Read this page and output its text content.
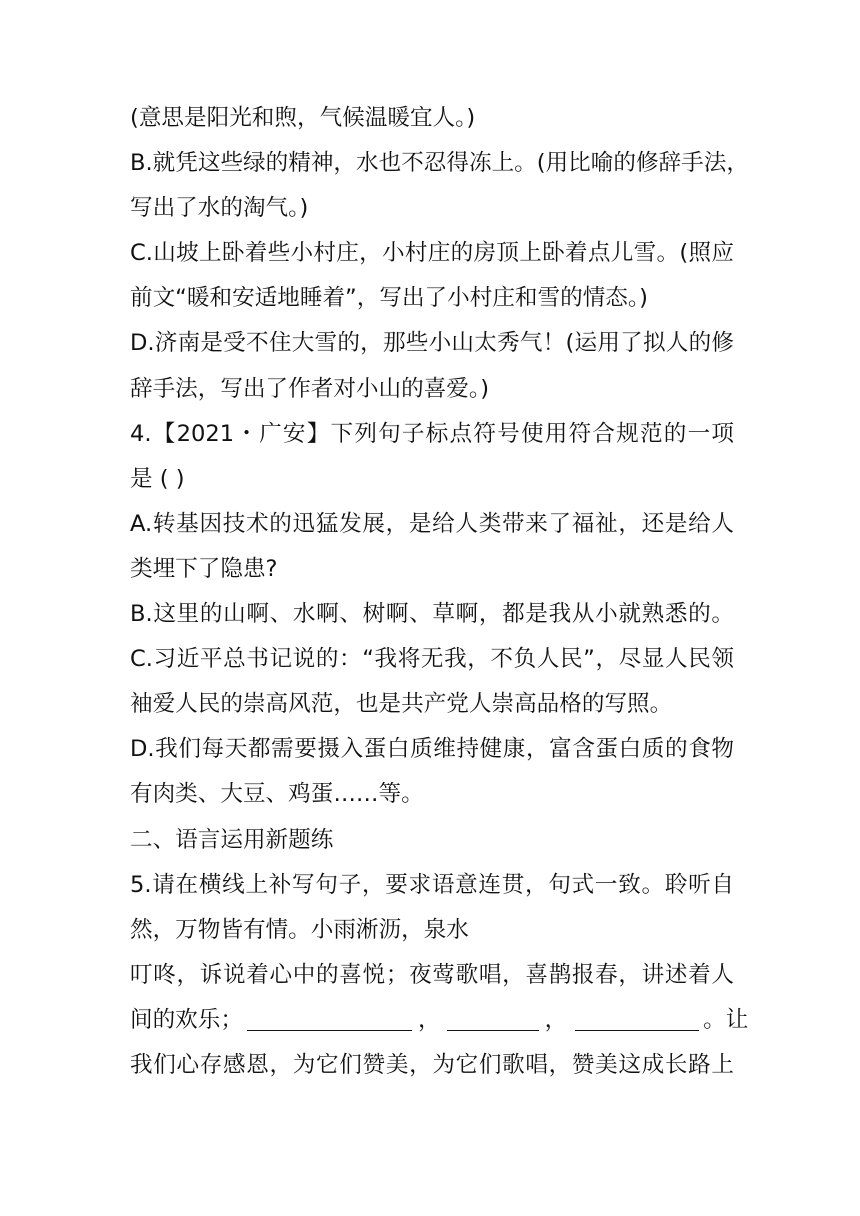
(意思是阳光和煦，气候温暖宜人。)
B.就凭这些绿的精神，水也不忍得冻上。(用比喻的修辞手法，
写出了水的淘气。)
C.山坡上卧着些小村庄，小村庄的房顶上卧着点儿雪。(照应
前文“暖和安适地睡着”，写出了小村庄和雪的情态。)
D.济南是受不住大雪的，那些小山太秀气！(运用了拟人的修
辞手法，写出了作者对小山的喜爱。)
4.【2021・广安】下列句子标点符号使用符合规范的一项
是 ( )
A.转基因技术的迅猛发展，是给人类带来了福祉，还是给人
类埋下了隐患?
B.这里的山啊、水啊、树啊、草啊，都是我从小就熟悉的。
C.习近平总书记说的：“我将无我，不负人民”，尽显人民领
袖爱人民的崇高风范，也是共产党人崇高品格的写照。
D.我们每天都需要摄入蛋白质维持健康，富含蛋白质的食物
有肉类、大豆、鸡蛋……等。
二、语言运用新题练
5.请在横线上补写句子，要求语意连贯，句式一致。聆听自
然，万物皆有情。小雨淅沥，泉水
叮咚，诉说着心中的喜悦；夜莺歌唱，喜鹊报春，讲述着人
间的欢乐；	，	，	。让
我们心存感恩，为它们赞美，为它们歌唱，赞美这成长路上
